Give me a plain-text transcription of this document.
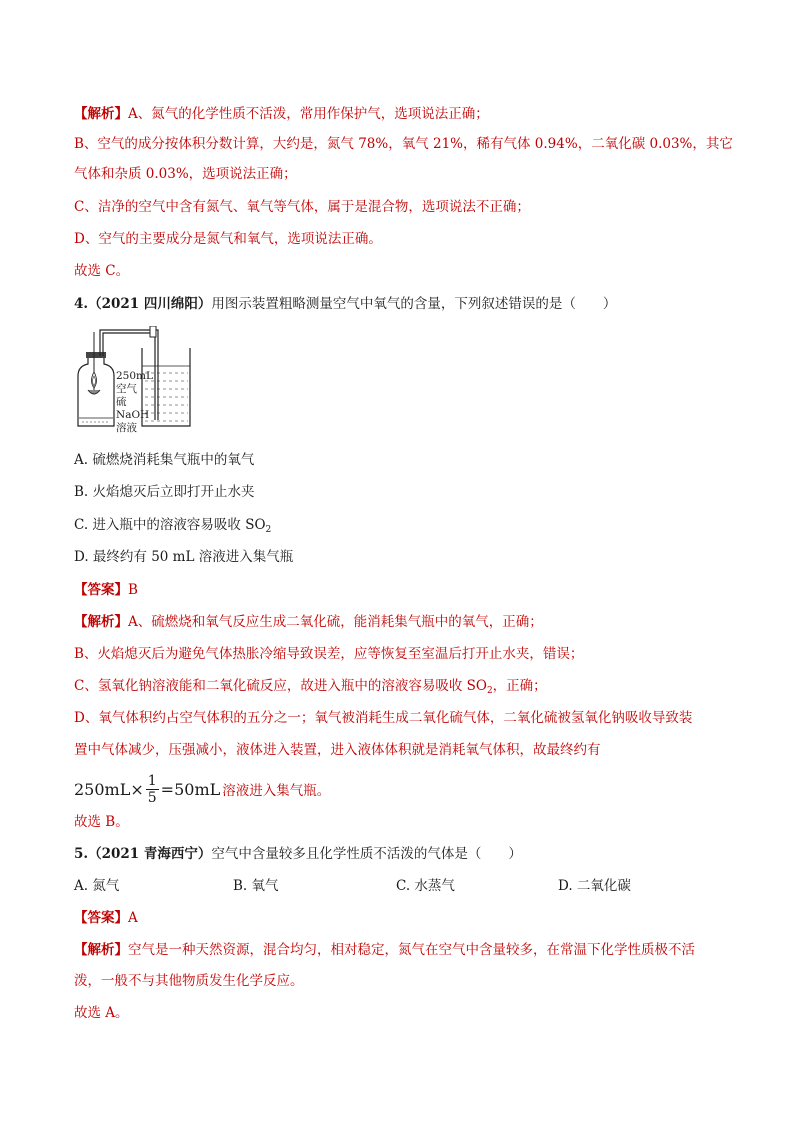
【解析】A、氮气的化学性质不活泼，常用作保护气，选项说法正确；
B、空气的成分按体积分数计算，大约是，氮气 78%，氧气 21%，稀有气体 0.94%，二氧化碳 0.03%，其它
气体和杂质 0.03%，选项说法正确；
C、洁净的空气中含有氮气、氧气等气体，属于是混合物，选项说法不正确；
D、空气的主要成分是氮气和氧气，选项说法正确。
故选 C。
4.（2021 四川绵阳）用图示装置粗略测量空气中氧气的含量，下列叙述错误的是（　　）
250mL
空气
硫
NaOH
溶液
A. 硫燃烧消耗集气瓶中的氧气
B. 火焰熄灭后立即打开止水夹
C. 进入瓶中的溶液容易吸收 $SO_2$
D. 最终约有 50 mL 溶液进入集气瓶
【答案】B
【解析】A、硫燃烧和氧气反应生成二氧化硫，能消耗集气瓶中的氧气，正确；
B、火焰熄灭后为避免气体热胀冷缩导致误差，应等恢复至室温后打开止水夹，错误；
C、氢氧化钠溶液能和二氧化硫反应，故进入瓶中的溶液容易吸收 $SO_2$，正确；
D、氧气体积约占空气体积的五分之一；氧气被消耗生成二氧化硫气体，二氧化硫被氢氧化钠吸收导致装
置中气体减少，压强减小，液体进入装置，进入液体体积就是消耗氧气体积，故最终约有
$250mL\times \frac{1}{5} =50mL$ 溶液进入集气瓶。
故选 B。
5.（2021 青海西宁）空气中含量较多且化学性质不活泼的气体是（　　）
A. 氮气	B. 氧气	C. 水蒸气	D. 二氧化碳
【答案】A
【解析】空气是一种天然资源，混合均匀，相对稳定，氮气在空气中含量较多，在常温下化学性质极不活
泼，一般不与其他物质发生化学反应。
故选 A。
